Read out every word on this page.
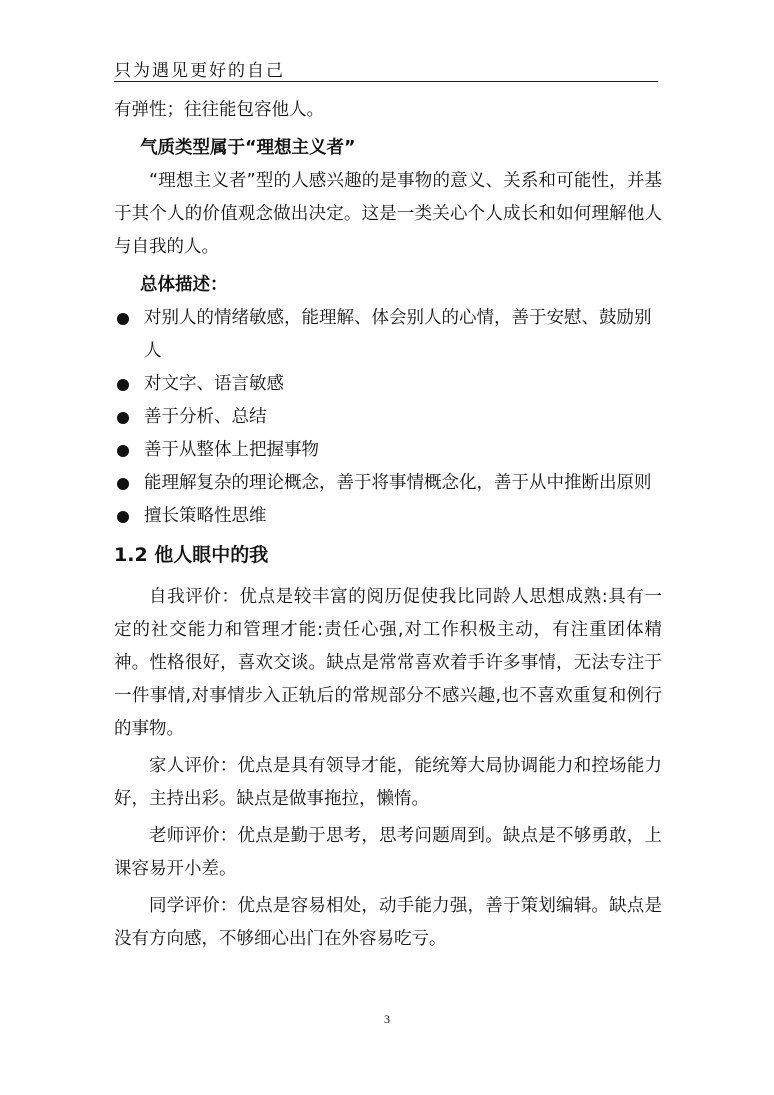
只为遇见更好的自己

有弹性；往往能包容他人。

气质类型属于“理想主义者”

“理想主义者”型的人感兴趣的是事物的意义、关系和可能性，并基于其个人的价值观念做出决定。这是一类关心个人成长和如何理解他人与自我的人。

总体描述：

对别人的情绪敏感，能理解、体会别人的心情，善于安慰、鼓励别人
对文字、语言敏感
善于分析、总结
善于从整体上把握事物
能理解复杂的理论概念，善于将事情概念化，善于从中推断出原则
擅长策略性思维
1.2 他人眼中的我

自我评价：优点是较丰富的阅历促使我比同龄人思想成熟:具有一定的社交能力和管理才能:责任心强,对工作积极主动，有注重团体精神。性格很好，喜欢交谈。缺点是常常喜欢着手许多事情，无法专注于一件事情,对事情步入正轨后的常规部分不感兴趣,也不喜欢重复和例行的事物。

家人评价：优点是具有领导才能，能统筹大局协调能力和控场能力好，主持出彩。缺点是做事拖拉，懒惰。

老师评价：优点是勤于思考，思考问题周到。缺点是不够勇敢，上课容易开小差。

同学评价：优点是容易相处，动手能力强，善于策划编辑。缺点是没有方向感，不够细心出门在外容易吃亏。

3
